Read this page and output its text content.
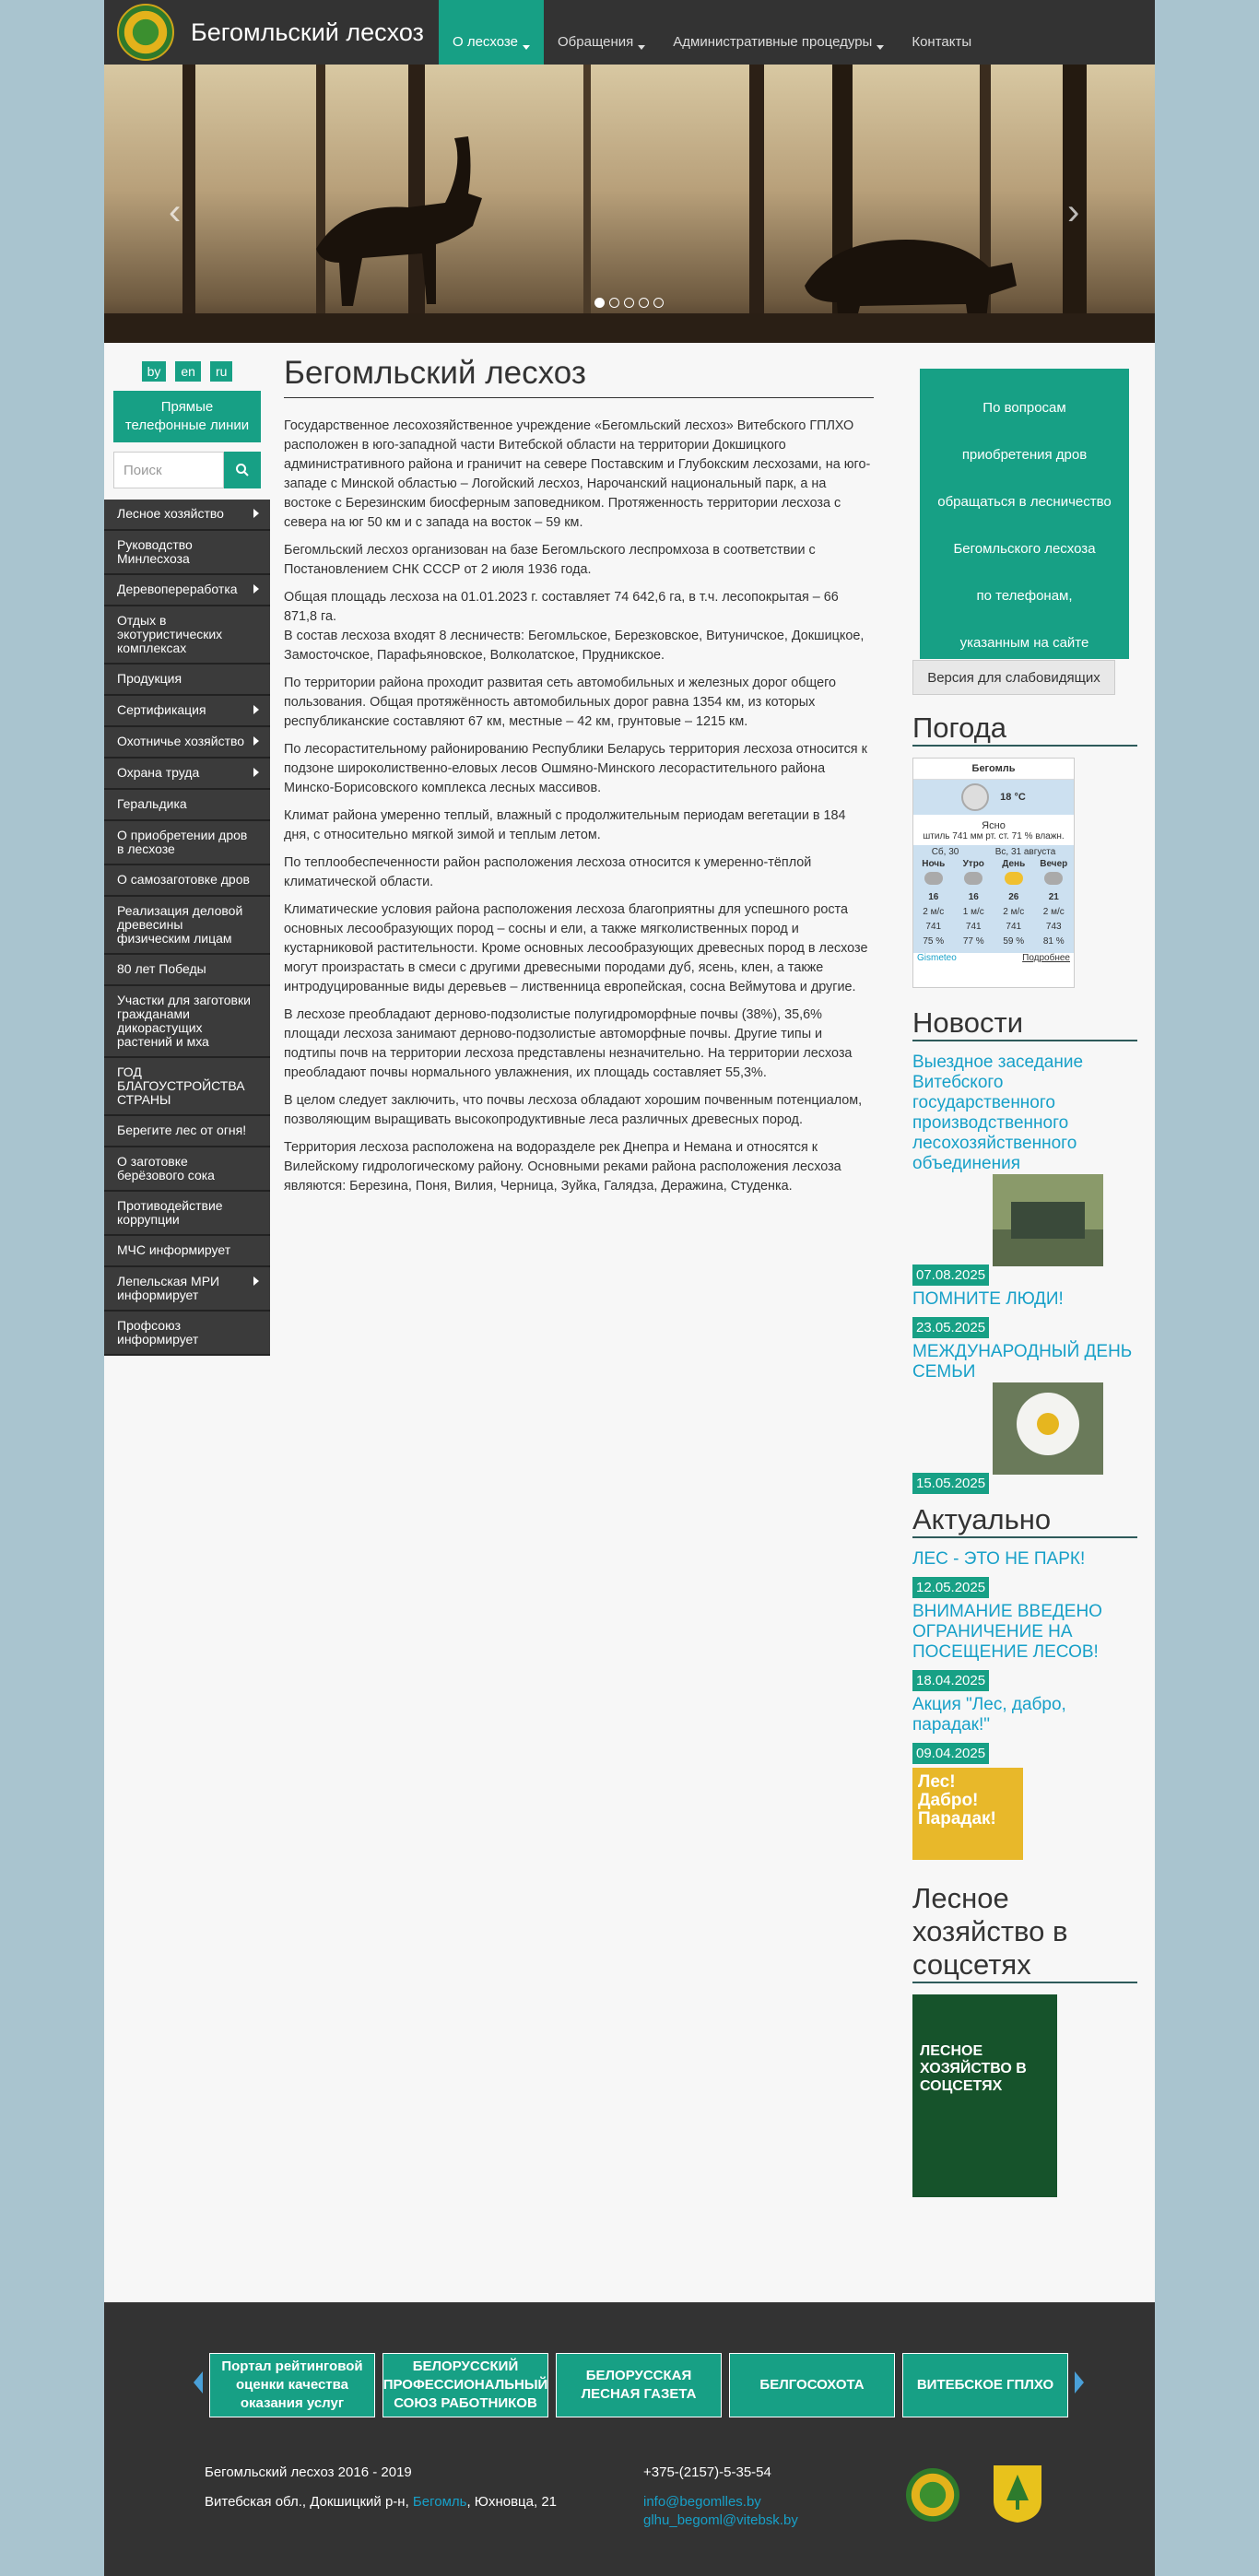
Бегомльский лесхоз О лесхозе	Обращения	Административные процедуры	Контакты
‹	›
by	en	ru
Прямые телефонные линии
Поиск
Лесное хозяйство
Руководство Минлесхоза
Деревопереработка
Отдых в экотуристических комплексах
Продукция
Сертификация
Охотничье хозяйство
Охрана труда
Геральдика
О приобретении дров в лесхозе
О самозаготовке дров
Реализация деловой древесины физическим лицам
80 лет Победы
Участки для заготовки гражданами дикорастущих растений и мха
ГОД БЛАГОУСТРОЙСТВА СТРАНЫ
Берегите лес от огня!
О заготовке берёзового сока
Противодействие коррупции
МЧС информирует
Лепельская МРИ информирует
Профсоюз информирует
Бегомльский лесхоз

Государственное лесохозяйственное учреждение «Бегомльский лесхоз» Витебского ГПЛХО расположен в юго-западной части Витебской области на территории Докшицкого административного района и граничит на севере Поставским и Глубокским лесхозами, на юго-западе с Минской областью – Логойский лесхоз, Нарочанский национальный парк, а на востоке с Березинским биосферным заповедником. Протяженность территории лесхоза с севера на юг 50 км и с запада на восток – 59 км.

Бегомльский лесхоз организован на базе Бегомльского леспромхоза в соответствии с Постановлением СНК СССР от 2 июля 1936 года.

Общая площадь лесхоза на 01.01.2023 г. составляет 74 642,6 га, в т.ч. лесопокрытая – 66 871,8 га.

В состав лесхоза входят 8 лесничеств: Бегомльское, Березковское, Витуничское, Докшицкое, Замосточское, Парафьяновское, Волколатское, Прудникское.

По территории района проходит развитая сеть автомобильных и железных дорог общего пользования. Общая протяжённость автомобильных дорог равна 1354 км, из которых республиканские составляют 67 км, местные – 42 км, грунтовые – 1215 км.

По лесорастительному районированию Республики Беларусь территория лесхоза относится к подзоне широколиственно-еловых лесов Ошмяно-Минского лесорастительного района Минско-Борисовского комплекса лесных массивов.

Климат района умеренно теплый, влажный с продолжительным периодам вегетации в 184 дня, с относительно мягкой зимой и теплым летом.

По теплообеспеченности район расположения лесхоза относится к умеренно-тёплой климатической области.

Климатические условия района расположения лесхоза благоприятны для успешного роста основных лесообразующих пород – сосны и ели, а также мягколиственных пород и кустарниковой растительности. Кроме основных лесообразующих древесных пород в лесхозе могут произрастать в смеси с другими древесными породами дуб, ясень, клен, а также интродуцированные виды деревьев – лиственница европейская, сосна Веймутова и другие.

В лесхозе преобладают дерново-подзолистые полугидроморфные почвы (38%), 35,6% площади лесхоза занимают дерново-подзолистые автоморфные почвы. Другие типы и подтипы почв на территории лесхоза представлены незначительно. На территории лесхоза преобладают почвы нормального увлажнения, их площадь составляет 55,3%.

В целом следует заключить, что почвы лесхоза обладают хорошим почвенным потенциалом, позволяющим выращивать высокопродуктивные леса различных древесных пород.

Территория лесхоза расположена на водоразделе рек Днепра и Немана и относятся к Вилейскому гидрологическому району. Основными реками района расположения лесхоза являются: Березина, Поня, Вилия, Черница, Зуйка, Галядза, Деражина, Студенка.

По вопросам
приобретения дров
обращаться в лесничество
Бегомльского лесхоза
по телефонам,
указанным на сайте
Версия для слабовидящих
Погода
Бегомль
18 °C
Ясно
штиль 741 мм рт. ст. 71 % влажн.
Сб, 30	Вс, 31 августа
Ночь	Утро	День	Вечер
16	16	26	21
2 м/с	1 м/с	2 м/с	2 м/с
741	741	741	743
75 %	77 %	59 %	81 %
Gismeteo	Подробнее
Новости
Выездное заседание Витебского государственного производственного лесохозяйственного объединения
07.08.2025
ПОМНИТЕ ЛЮДИ!
23.05.2025
МЕЖДУНАРОДНЫЙ ДЕНЬ СЕМЬИ
15.05.2025
Актуально
ЛЕС - ЭТО НЕ ПАРК!
12.05.2025
ВНИМАНИЕ ВВЕДЕНО ОГРАНИЧЕНИЕ НА ПОСЕЩЕНИЕ ЛЕСОВ!
18.04.2025
Акция "Лес, дабро, парадак!"
09.04.2025
Лес! Дабро! Парадак!
Лесное хозяйство в соцсетях
ЛЕСНОЕ ХОЗЯЙСТВО В СОЦСЕТЯХ
Портал рейтинговой оценки качества оказания услуг
БЕЛОРУССКИЙ ПРОФЕССИОНАЛЬНЫЙ СОЮЗ РАБОТНИКОВ
БЕЛОРУССКАЯ ЛЕСНАЯ ГАЗЕТА
БЕЛГОСОХОТА	ВИТЕБСКОЕ ГПЛХО
Бегомльский лесхоз 2016 - 2019
Витебская обл., Докшицкий р-н, Бегомль, Юхновца, 21
+375-(2157)-5-35-54
info@begomlles.by
glhu_begoml@vitebsk.by
